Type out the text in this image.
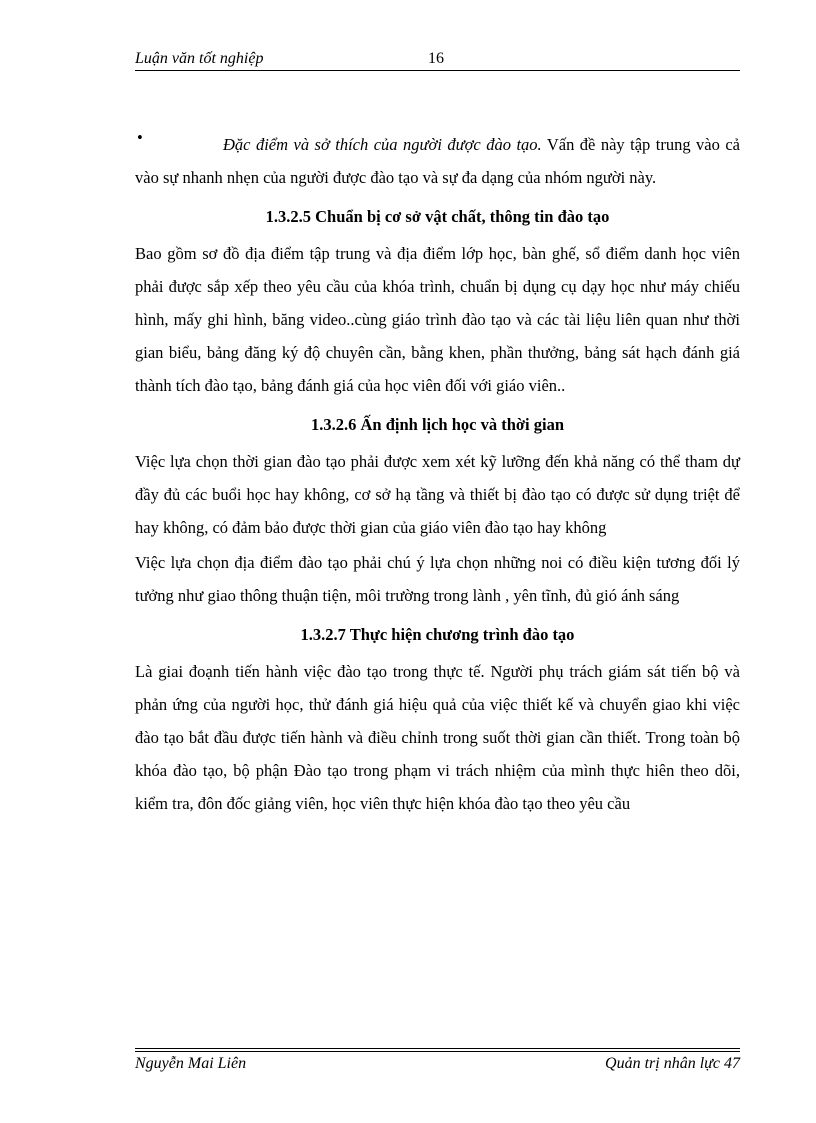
Luận văn tốt nghiệp	16
•	Đặc điểm và sở thích của người được đào tạo. Vấn đề này tập trung vào cả vào sự nhanh nhẹn của người được đào tạo và sự đa dạng của nhóm người này.

1.3.2.5 Chuẩn bị cơ sở vật chất, thông tin đào tạo

Bao gồm sơ đồ địa điểm tập trung và địa điểm lớp học, bàn ghế, sổ điểm danh học viên phải được sắp xếp theo yêu cầu của khóa trình, chuẩn bị dụng cụ dạy học như máy chiếu hình, mấy ghi hình, băng video..cùng giáo trình đào tạo và các tài liệu liên quan như thời gian biểu, bảng đăng ký độ chuyên cần, bằng khen, phần thưởng, bảng sát hạch đánh giá thành tích đào tạo, bảng đánh giá của học viên đối với giáo viên..

1.3.2.6 Ấn định lịch học và thời gian

Việc lựa chọn thời gian đào tạo phải được xem xét kỹ lưỡng đến khả năng có thể tham dự đầy đủ các buổi học hay không, cơ sở hạ tầng và thiết bị đào tạo có được sử dụng triệt để hay không, có đảm bảo được thời gian của giáo viên đào tạo hay không

Việc lựa chọn địa điểm đào tạo phải chú ý lựa chọn những noi có điều kiện tương đối lý tưởng như giao thông thuận tiện, môi trường trong lành , yên tĩnh, đủ gió ánh sáng

1.3.2.7 Thực hiện chương trình đào tạo

Là giai đoạnh tiến hành việc đào tạo trong thực tế. Người phụ trách giám sát tiến bộ và phản ứng của người học, thử đánh giá hiệu quả của việc thiết kế và chuyển giao khi việc đào tạo bắt đầu được tiến hành và điều chỉnh trong suốt thời gian cần thiết. Trong toàn bộ khóa đào tạo, bộ phận Đào tạo trong phạm vi trách nhiệm của mình thực hiên theo dõi, kiểm tra, đôn đốc giảng viên, học viên thực hiện khóa đào tạo theo yêu cầu

Nguyễn Mai Liên	Quản trị nhân lực 47
